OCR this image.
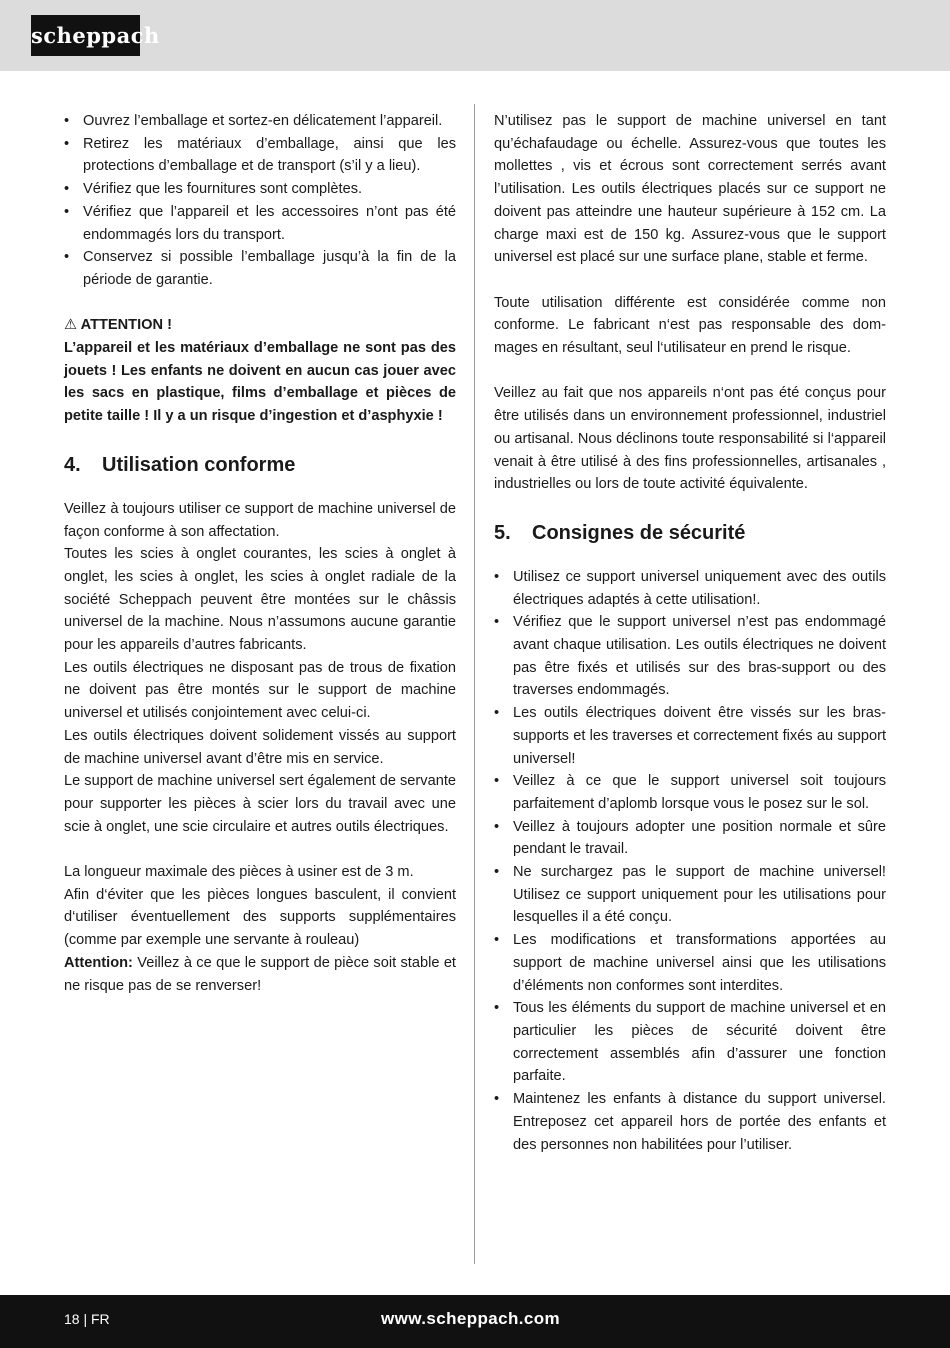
scheppach
• Ouvrez l’emballage et sortez-en délicatement l’appareil.
• Retirez les matériaux d’emballage, ainsi que les protections d’emballage et de transport (s’il y a lieu).
• Vérifiez que les fournitures sont complètes.
• Vérifiez que l’appareil et les accessoires n’ont pas été endommagés lors du transport.
• Conservez si possible l’emballage jusqu’à la fin de la période de garantie.

⚠ ATTENTION !

L’appareil et les matériaux d’emballage ne sont pas des jouets ! Les enfants ne doivent en aucun cas jouer avec les sacs en plastique, films d’emballage et pièces de petite taille ! Il y a un risque d’ingestion et d’asphyxie !

4. Utilisation conforme

Veillez à toujours utiliser ce support de machine universel de façon conforme à son affectation.

Toutes les scies à onglet courantes, les scies à onglet à onglet, les scies à onglet, les scies à onglet radiale de la société Scheppach peuvent être montées sur le châssis universel de la machine. Nous n’assumons aucune garantie pour les appareils d’autres fabricants.

Les outils électriques ne disposant pas de trous de fixation ne doivent pas être montés sur le support de machine universel et utilisés conjointement avec celui-ci.

Les outils électriques doivent solidement vissés au support de machine universel avant d’être mis en service.

Le support de machine universel sert également de servante pour supporter les pièces à scier lors du travail avec une scie à onglet, une scie circulaire et autres outils électriques.

La longueur maximale des pièces à usiner est de 3 m.

Afin d‘éviter que les pièces longues basculent, il convient d‘utiliser éventuellement des supports supplémentaires (comme par exemple une servante à rouleau)

Attention: Veillez à ce que le support de pièce soit stable et ne risque pas de se renverser!

N’utilisez pas le support de machine universel en tant qu’échafaudage ou échelle. Assurez-vous que toutes les mollettes , vis et écrous sont correctement serrés avant l’utilisation. Les outils électriques placés sur ce support ne doivent pas atteindre une hauteur supérieure à 152 cm. La charge maxi est de 150 kg. Assurez-vous que le support universel est placé sur une surface plane, stable et ferme.

Toute utilisation différente est considérée comme non conforme. Le fabricant n‘est pas responsable des dommages en résultant, seul l‘utilisateur en prend le risque.

Veillez au fait que nos appareils n‘ont pas été conçus pour être utilisés dans un environnement professionnel, industriel ou artisanal. Nous déclinons toute responsabilité si l‘appareil venait à être utilisé à des fins professionnelles, artisanales , industrielles ou lors de toute activité équivalente.

5. Consignes de sécurité
• Utilisez ce support universel uniquement avec des outils électriques adaptés à cette utilisation!.
• Vérifiez que le support universel n’est pas endommagé avant chaque utilisation. Les outils électriques ne doivent pas être fixés et utilisés sur des bras-support ou des traverses endommagés.
• Les outils électriques doivent être vissés sur les bras- supports et les traverses et correctement fixés au support universel!
• Veillez à ce que le support universel soit toujours parfaitement d’aplomb lorsque vous le posez sur le sol.
• Veillez à toujours adopter une position normale et sûre pendant le travail.
• Ne surchargez pas le support de machine universel! Utilisez ce support uniquement pour les utilisations pour lesquelles il a été conçu.
• Les modifications et transformations apportées au support de machine universel ainsi que les utilisations d’éléments non conformes sont interdites.
• Tous les éléments du support de machine universel et en particulier les pièces de sécurité doivent être correctement assemblés afin d’assurer une fonction parfaite.
• Maintenez les enfants à distance du support universel. Entreposez cet appareil hors de portée des enfants et des personnes non habilitées pour l’utiliser.
18 | FR	www.scheppach.com
